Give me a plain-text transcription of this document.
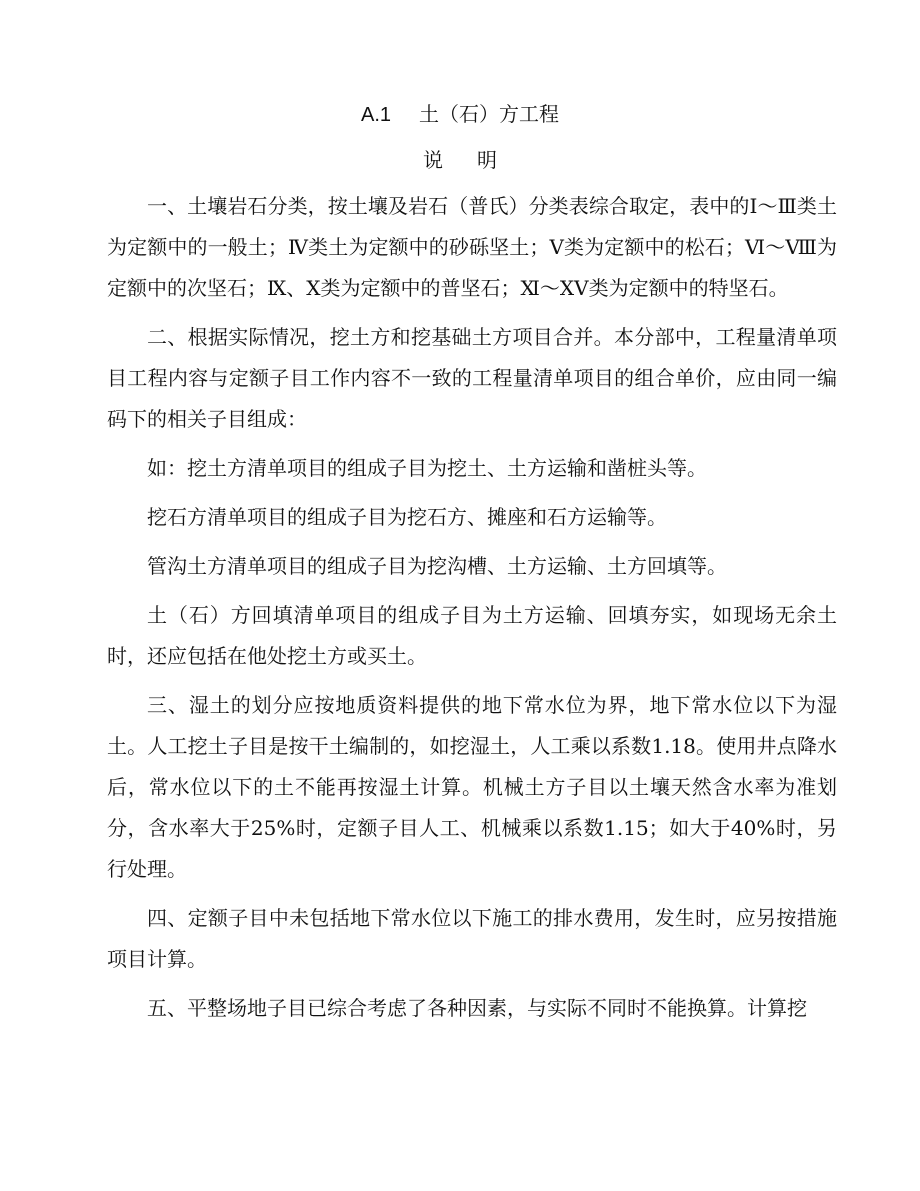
A.1 土（石）方工程
说明

一、土壤岩石分类，按土壤及岩石（普氏）分类表综合取定，表中的Ⅰ～Ⅲ类土为定额中的一般土；Ⅳ类土为定额中的砂砾坚土；Ⅴ类为定额中的松石；Ⅵ～Ⅷ为定额中的次坚石；Ⅸ、Ⅹ类为定额中的普坚石；Ⅺ～ⅩⅤ类为定额中的特坚石。

二、根据实际情况，挖土方和挖基础土方项目合并。本分部中，工程量清单项目工程内容与定额子目工作内容不一致的工程量清单项目的组合单价，应由同一编码下的相关子目组成：

如：挖土方清单项目的组成子目为挖土、土方运输和凿桩头等。

挖石方清单项目的组成子目为挖石方、摊座和石方运输等。

管沟土方清单项目的组成子目为挖沟槽、土方运输、土方回填等。

土（石）方回填清单项目的组成子目为土方运输、回填夯实，如现场无余土时，还应包括在他处挖土方或买土。

三、湿土的划分应按地质资料提供的地下常水位为界，地下常水位以下为湿土。人工挖土子目是按干土编制的，如挖湿土，人工乘以系数1.18。使用井点降水后，常水位以下的土不能再按湿土计算。机械土方子目以土壤天然含水率为准划分，含水率大于25%时，定额子目人工、机械乘以系数1.15；如大于40%时，另行处理。

四、定额子目中未包括地下常水位以下施工的排水费用，发生时，应另按措施项目计算。

五、平整场地子目已综合考虑了各种因素，与实际不同时不能换算。计算挖
